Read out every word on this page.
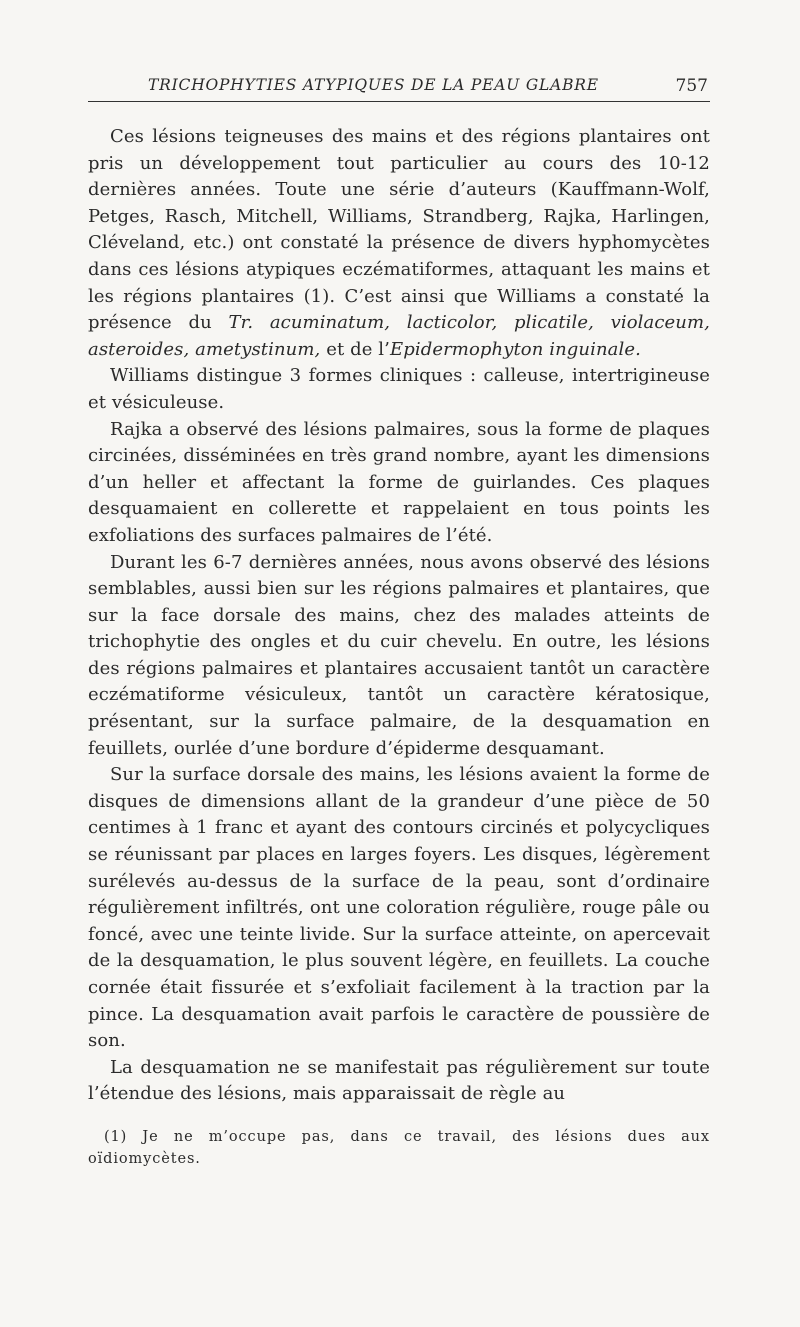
TRICHOPHYTIES ATYPIQUES DE LA PEAU GLABRE	757

Ces lésions teigneuses des mains et des régions plantaires ont pris un développement tout particulier au cours des 10-12 dernières années. Toute une série d’auteurs (Kauffmann-Wolf, Petges, Rasch, Mitchell, Williams, Strandberg, Rajka, Harlingen, Cléveland, etc.) ont constaté la présence de divers hyphomycètes dans ces lésions atypiques eczématiformes, attaquant les mains et les régions plantaires (1). C’est ainsi que Williams a constaté la présence du Tr. acuminatum, lacticolor, plicatile, violaceum, asteroides, ametystinum, et de l’Epidermophyton inguinale.

Williams distingue 3 formes cliniques : calleuse, intertrigineuse et vésiculeuse.

Rajka a observé des lésions palmaires, sous la forme de plaques circinées, disséminées en très grand nombre, ayant les dimensions d’un heller et affectant la forme de guirlandes. Ces plaques desquamaient en collerette et rappelaient en tous points les exfoliations des surfaces palmaires de l’été.

Durant les 6-7 dernières années, nous avons observé des lésions semblables, aussi bien sur les régions palmaires et plantaires, que sur la face dorsale des mains, chez des malades atteints de trichophytie des ongles et du cuir chevelu. En outre, les lésions des régions palmaires et plantaires accusaient tantôt un caractère eczématiforme vésiculeux, tantôt un caractère kératosique, présentant, sur la surface palmaire, de la desquamation en feuillets, ourlée d’une bordure d’épiderme desquamant.

Sur la surface dorsale des mains, les lésions avaient la forme de disques de dimensions allant de la grandeur d’une pièce de 50 centimes à 1 franc et ayant des contours circinés et polycycliques se réunissant par places en larges foyers. Les disques, légèrement surélevés au-dessus de la surface de la peau, sont d’ordinaire régulièrement infiltrés, ont une coloration régulière, rouge pâle ou foncé, avec une teinte livide. Sur la surface atteinte, on apercevait de la desquamation, le plus souvent légère, en feuillets. La couche cornée était fissurée et s’exfoliait facilement à la traction par la pince. La desquamation avait parfois le caractère de poussière de son.

La desquamation ne se manifestait pas régulièrement sur toute l’étendue des lésions, mais apparaissait de règle au

(1) Je ne m’occupe pas, dans ce travail, des lésions dues aux oïdiomycètes.
